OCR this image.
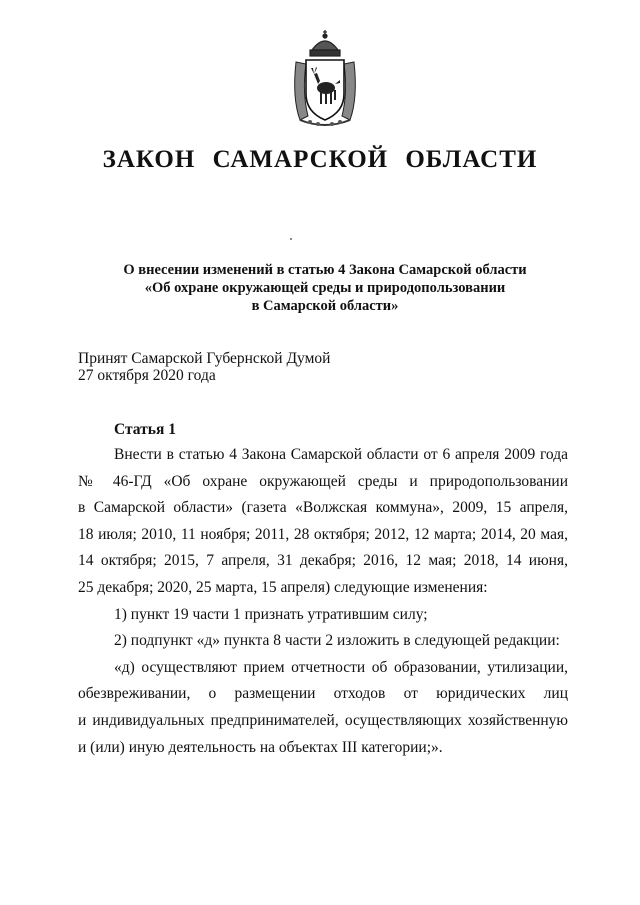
ЗАКОН САМАРСКОЙ ОБЛАСТИ
О внесении изменений в статью 4 Закона Самарской области
«Об охране окружающей среды и природопользовании
в Самарской области»
Принят Самарской Губернской Думой
27 октября 2020 года
Статья 1
Внести в статью 4 Закона Самарской области от 6 апреля 2009 года
№ 46-ГД «Об охране окружающей среды и природопользовании
в Самарской области» (газета «Волжская коммуна», 2009, 15 апреля,
18 июля; 2010, 11 ноября; 2011, 28 октября; 2012, 12 марта; 2014, 20 мая,
14 октября; 2015, 7 апреля, 31 декабря; 2016, 12 мая; 2018, 14 июня,
25 декабря; 2020, 25 марта, 15 апреля) следующие изменения:
1) пункт 19 части 1 признать утратившим силу;
2) подпункт «д» пункта 8 части 2 изложить в следующей редакции:
«д) осуществляют прием отчетности об образовании, утилизации,
обезвреживании, о размещении отходов от юридических лиц
и индивидуальных предпринимателей, осуществляющих хозяйственную
и (или) иную деятельность на объектах III категории;».
